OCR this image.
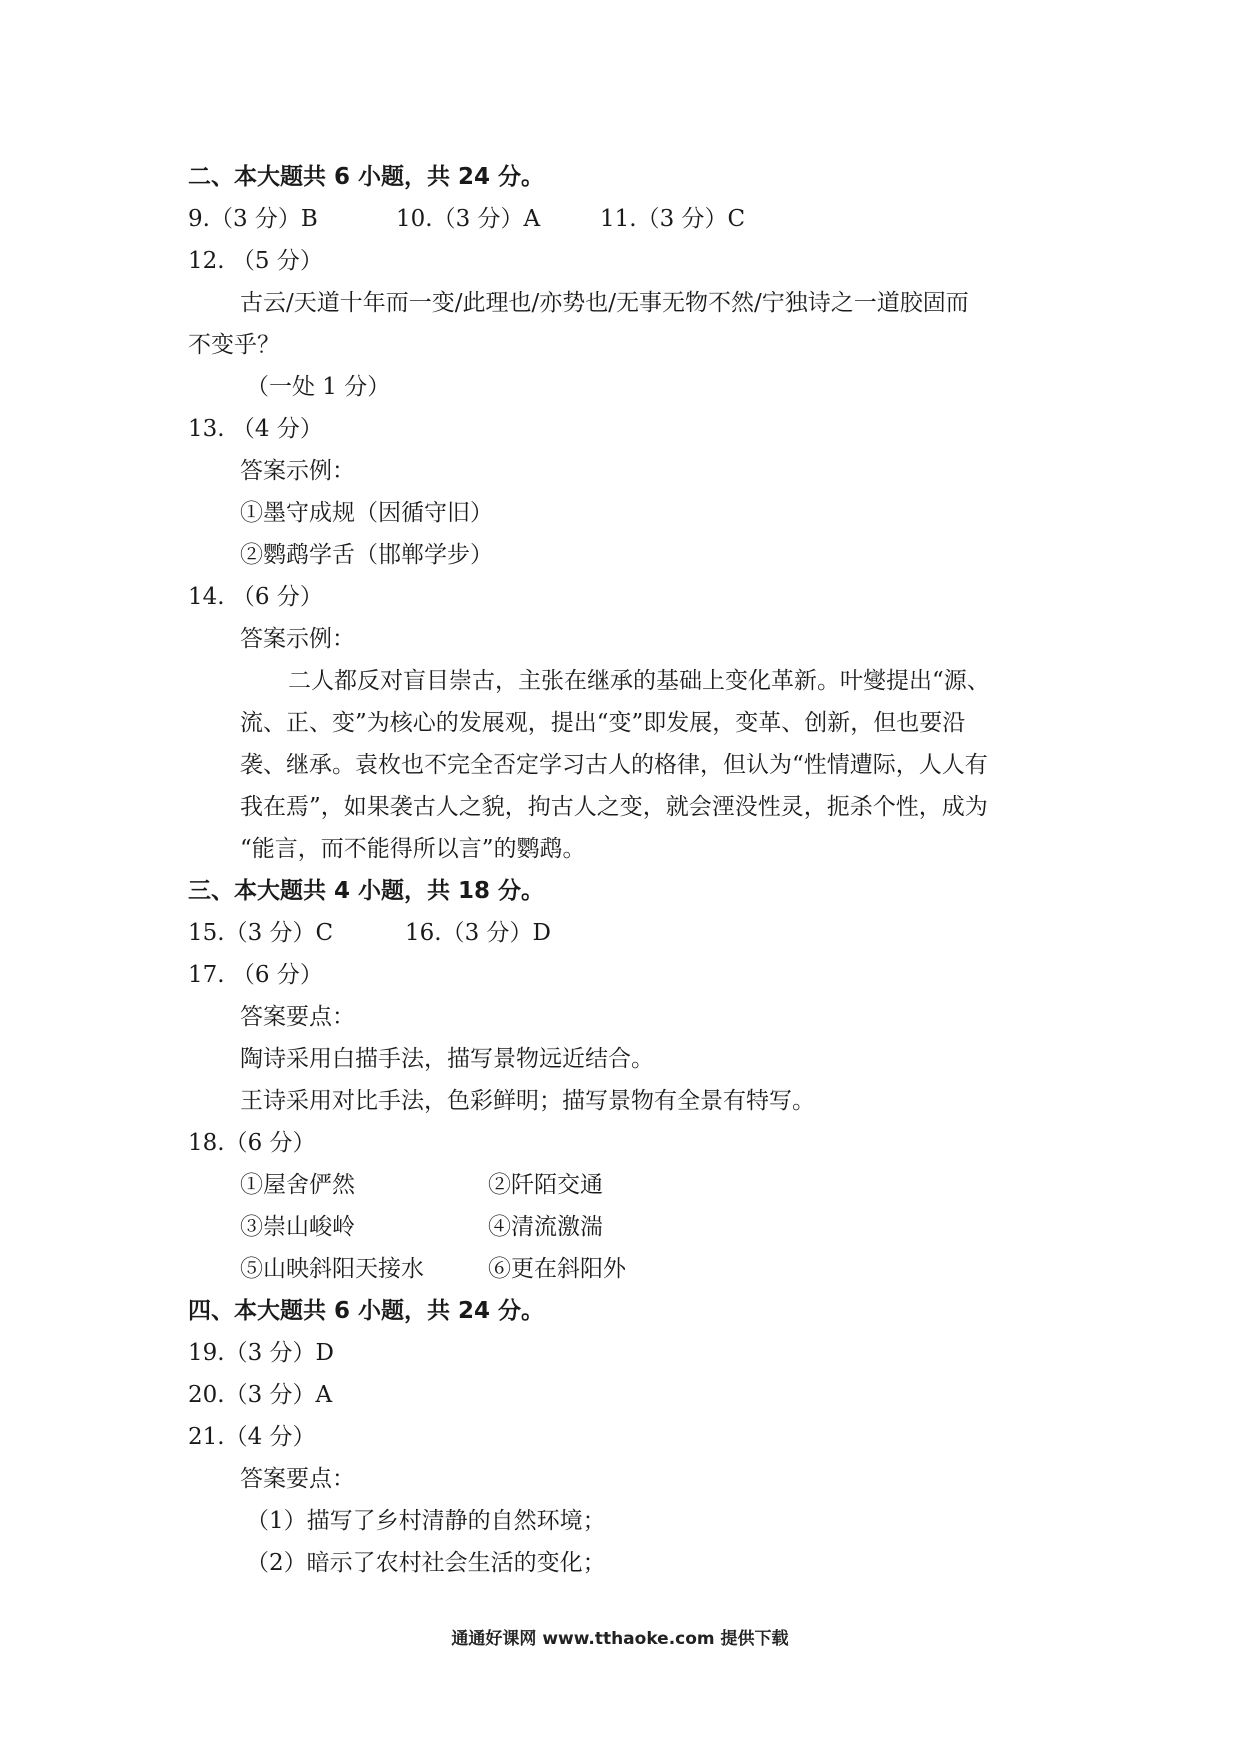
二、本大题共 6 小题，共 24 分。
9.（3 分）B	10.（3 分）A	11.（3 分）C
12. （5 分）
古云/天道十年而一变/此理也/亦势也/无事无物不然/宁独诗之一道胶固而
不变乎？
（一处 1 分）
13. （4 分）
答案示例：
①墨守成规（因循守旧）
②鹦鹉学舌（邯郸学步）
14. （6 分）
答案示例：
二人都反对盲目崇古，主张在继承的基础上变化革新。叶燮提出“源、
流、正、变”为核心的发展观，提出“变”即发展，变革、创新，但也要沿
袭、继承。袁枚也不完全否定学习古人的格律，但认为“性情遭际，人人有
我在焉”，如果袭古人之貌，拘古人之变，就会湮没性灵，扼杀个性，成为
“能言，而不能得所以言”的鹦鹉。
三、本大题共 4 小题，共 18 分。
15.（3 分）C	16.（3 分）D
17. （6 分）
答案要点：
陶诗采用白描手法，描写景物远近结合。
王诗采用对比手法，色彩鲜明；描写景物有全景有特写。
18.（6 分）
①屋舍俨然	②阡陌交通
③崇山峻岭	④清流激湍
⑤山映斜阳天接水	⑥更在斜阳外
四、本大题共 6 小题，共 24 分。
19.（3 分）D
20.（3 分）A
21.（4 分）
答案要点：
（1）描写了乡村清静的自然环境；
（2）暗示了农村社会生活的变化；
通通好课网 www.tthaoke.com 提供下载
